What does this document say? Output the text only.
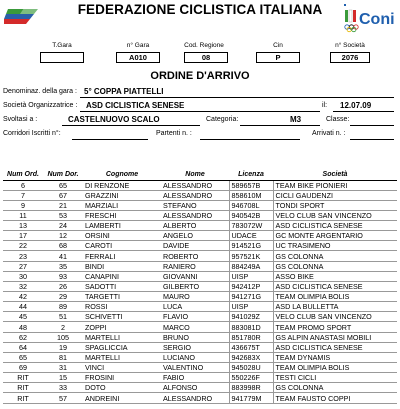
FEDERAZIONE CICLISTICA ITALIANA
Coni
T.Gara	n° Gara
A010
Cod. Regione
08
Cin
P
n° Società
2076
ORDINE D'ARRIVO
Denominaz. della gara : 5° COPPA PIATTELLI
Società Organizzatrice : ASD CICLISTICA SENESE	il: 12.07.09
Svoltasi a :	CASTELNUOVO SCALO	Categoria:	M3	Classe:
Corridori Iscritti n°:	Partenti n. :	Arrivati n. :
Num Ord.	Num Dor.	Cognome	Nome	Licenza	Società
6	65	DI RENZONE	ALESSANDRO	589657B	TEAM BIKE PIONIERI
7	67	GRAZZINI	ALESSANDRO	858610M	CICLI GAUDENZI
9	21	MARZIALI	STEFANO	946708L	TONDI SPORT
11	53	FRESCHI	ALESSANDRO	940542B	VELO CLUB SAN VINCENZO
13	24	LAMBERTI	ALBERTO	783072W	ASD CICLISTICA SENESE
17	12	ORSINI	ANGELO	UDACE	GC MONTE ARGENTARIO
22	68	CAROTI	DAVIDE	914521G	UC TRASIMENO
23	41	FERRALI	ROBERTO	957521K	GS COLONNA
27	35	BINDI	RANIERO	884249A	GS COLONNA
30	93	CANAPINI	GIOVANNI	UISP	ASSO BIKE
32	26	SADOTTI	GILBERTO	942412P	ASD CICLISTICA SENESE
42	29	TARGETTI	MAURO	941271G	TEAM OLIMPIA BOLIS
44	89	ROSSI	LUCA	UISP	ASD LA BULLETTA
45	51	SCHIVETTI	FLAVIO	941029Z	VELO CLUB SAN VINCENZO
48	2	ZOPPI	MARCO	883081D	TEAM PROMO SPORT
62	105	MARTELLI	BRUNO	851780R	GS ALPIN ANASTASI MOBILI
64	19	SPAGLICCIA	SERGIO	436675T	ASD CICLISTICA SENESE
65	81	MARTELLI	LUCIANO	942683X	TEAM DYNAMIS
69	31	VINCI	VALENTINO	945028U	TEAM OLIMPIA BOLIS
RIT	15	FROSINI	FABIO	550226F	TESTI CICLI
RIT	33	DOTO	ALFONSO	883998R	GS COLONNA
RIT	57	ANDREINI	ALESSANDRO	941779M	TEAM FAUSTO COPPI
